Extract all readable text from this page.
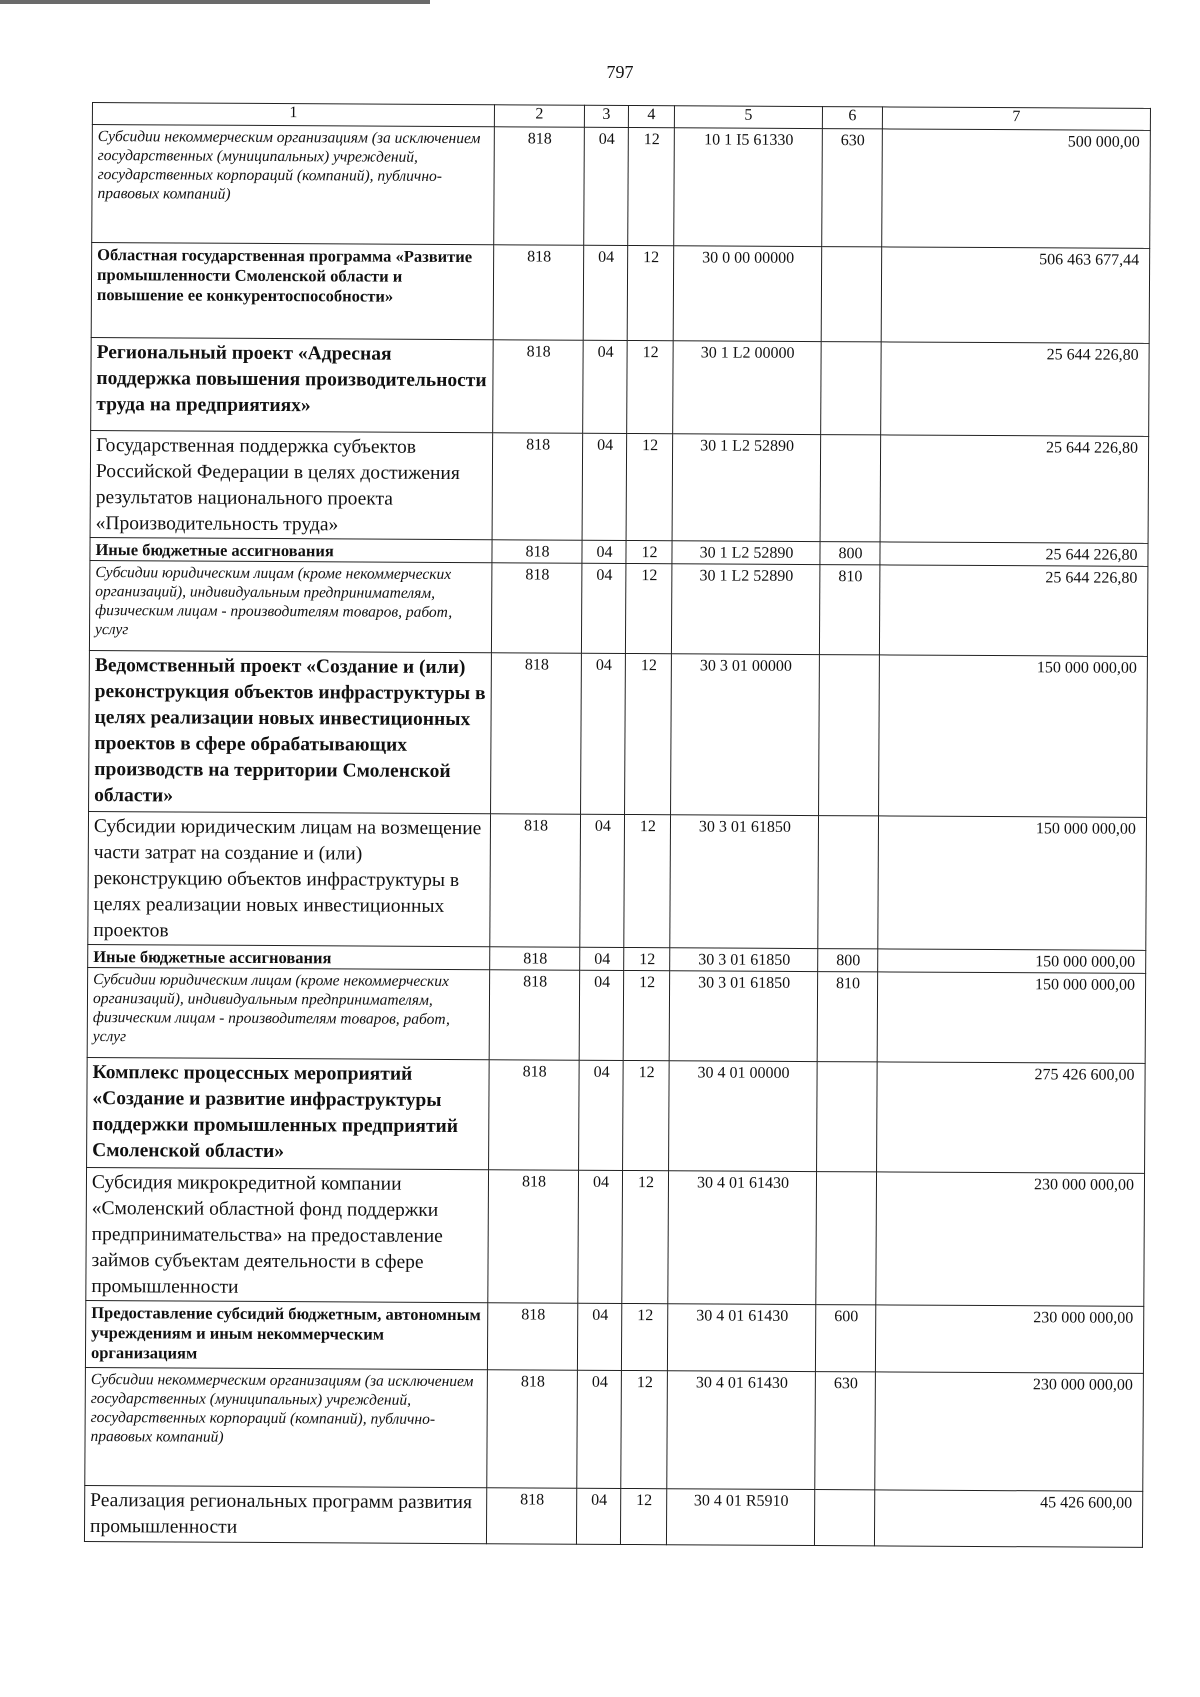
797
1	2	3	4	5	6	7
Субсидии некоммерческим организациям (за исключением государственных (муниципальных) учреждений, государственных корпораций (компаний), публично-правовых компаний)	818	04	12	10 1 I5 61330	630	500 000,00
Областная государственная программа «Развитие промышленности Смоленской области и повышение ее конкурентоспособности»	818	04	12	30 0 00 00000		506 463 677,44
Региональный проект «Адресная поддержка повышения производительности труда на предприятиях»	818	04	12	30 1 L2 00000		25 644 226,80
Государственная поддержка субъектов Российской Федерации в целях достижения результатов национального проекта «Производительность труда»	818	04	12	30 1 L2 52890		25 644 226,80
Иные бюджетные ассигнования	818	04	12	30 1 L2 52890	800	25 644 226,80
Субсидии юридическим лицам (кроме некоммерческих организаций), индивидуальным предпринимателям, физическим лицам - производителям товаров, работ, услуг	818	04	12	30 1 L2 52890	810	25 644 226,80
Ведомственный проект «Создание и (или) реконструкция объектов инфраструктуры в целях реализации новых инвестиционных проектов в сфере обрабатывающих производств на территории Смоленской области»	818	04	12	30 3 01 00000		150 000 000,00
Субсидии юридическим лицам на возмещение части затрат на создание и (или) реконструкцию объектов инфраструктуры в целях реализации новых инвестиционных проектов	818	04	12	30 3 01 61850		150 000 000,00
Иные бюджетные ассигнования	818	04	12	30 3 01 61850	800	150 000 000,00
Субсидии юридическим лицам (кроме некоммерческих организаций), индивидуальным предпринимателям, физическим лицам - производителям товаров, работ, услуг	818	04	12	30 3 01 61850	810	150 000 000,00
Комплекс процессных мероприятий «Создание и развитие инфраструктуры поддержки промышленных предприятий Смоленской области»	818	04	12	30 4 01 00000		275 426 600,00
Субсидия микрокредитной компании «Смоленский областной фонд поддержки предпринимательства» на предоставление займов субъектам деятельности в сфере промышленности	818	04	12	30 4 01 61430		230 000 000,00
Предоставление субсидий бюджетным, автономным учреждениям и иным некоммерческим организациям	818	04	12	30 4 01 61430	600	230 000 000,00
Субсидии некоммерческим организациям (за исключением государственных (муниципальных) учреждений, государственных корпораций (компаний), публично-правовых компаний)	818	04	12	30 4 01 61430	630	230 000 000,00
Реализация региональных программ развития промышленности	818	04	12	30 4 01 R5910		45 426 600,00
